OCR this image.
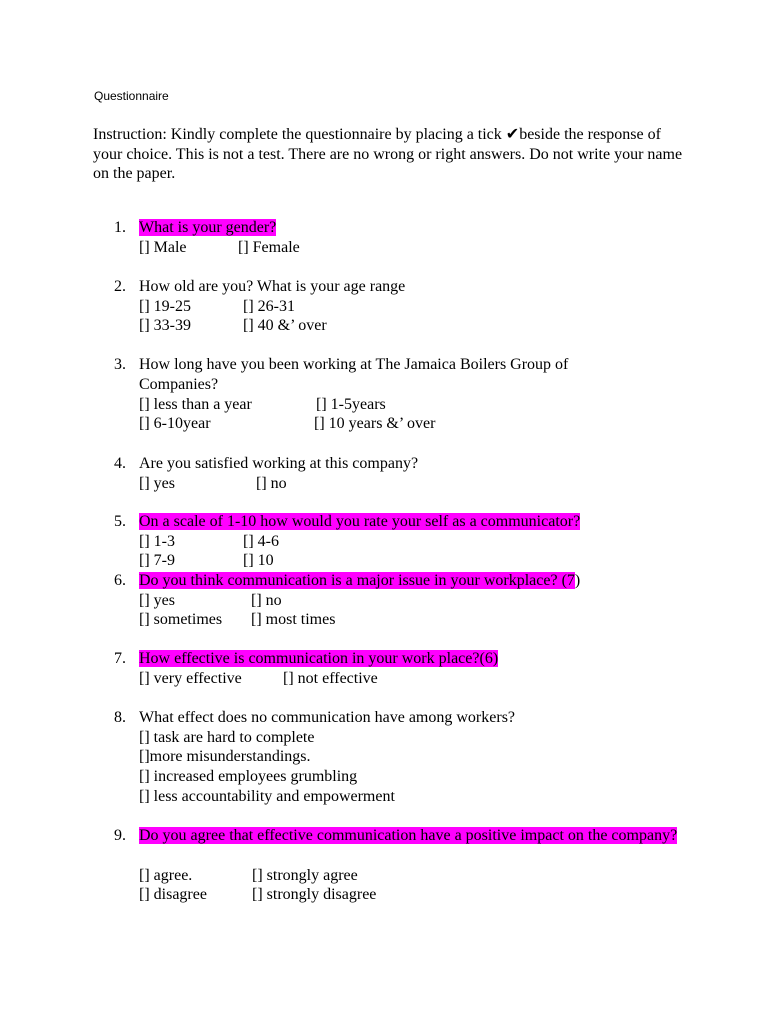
Questionnaire
Instruction: Kindly complete the questionnaire by placing a tick ✔beside the response of your choice. This is not a test. There are no wrong or right answers. Do not write your name on the paper.
1. What is your gender?
[] Male	[] Female
2. How old are you? What is your age range
[] 19-25	[] 26-31
[] 33-39	[] 40 &’ over
3. How long have you been working at The Jamaica Boilers Group of Companies?
[] less than a year	[] 1-5years
[] 6-10year	[] 10 years &’ over
4. Are you satisfied working at this company?
[] yes	[] no
5. On a scale of 1-10 how would you rate your self as a communicator?
[] 1-3	[] 4-6
[] 7-9	[] 10
6. Do you think communication is a major issue in your workplace? (7)
[] yes	[] no
[] sometimes [] most times
7. How effective is communication in your work place?(6)
[] very effective	[] not effective
8. What effect does no communication have among workers?
[] task are hard to complete
[]more misunderstandings.
[] increased employees grumbling
[] less accountability and empowerment
9. Do you agree that effective communication have a positive impact on the company?
[] agree.	[] strongly agree
[] disagree	[] strongly disagree
